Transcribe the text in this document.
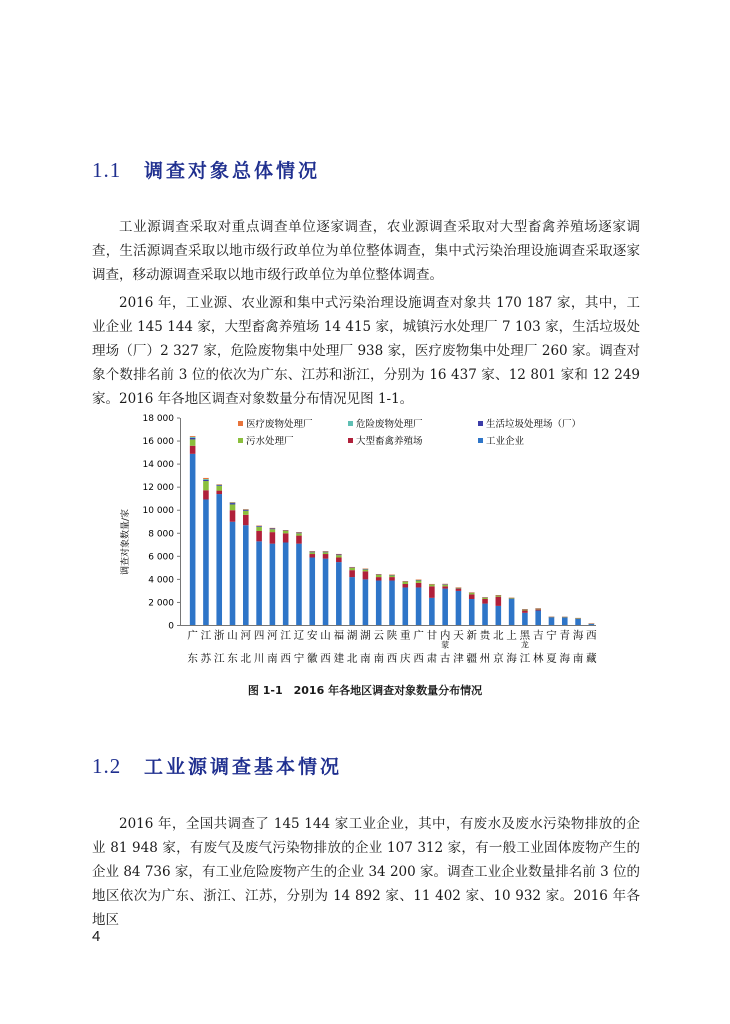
1.1	调查对象总体情况

工业源调查采取对重点调查单位逐家调查，农业源调查采取对大型畜禽养殖场逐家调查，生活源调查采取以地市级行政单位为单位整体调查，集中式污染治理设施调查采取逐家调查，移动源调查采取以地市级行政单位为单位整体调查。

2016 年，工业源、农业源和集中式污染治理设施调查对象共 170 187 家，其中，工业企业 145 144 家，大型畜禽养殖场 14 415 家，城镇污水处理厂 7 103 家，生活垃圾处理场（厂）2 327 家，危险废物集中处理厂 938 家，医疗废物集中处理厂 260 家。调查对象个数排名前 3 位的依次为广东、江苏和浙江，分别为 16 437 家、12 801 家和 12 249 家。2016 年各地区调查对象数量分布情况见图 1-1。

调查对象数量/家
0
2 000
4 000
6 000
8 000
10 000
12 000
14 000
16 000
18 000
广东
江苏
浙江
山东
河北
四川
河南
江西
辽宁
安徽
山西
福建
湖北
湖南
云南
陕西
重庆
广西
甘肃
内蒙古
天津
新疆
贵州
北京
上海
黑龙江
吉林
宁夏
青海
海南
西藏
医疗废物处理厂	危险废物处理厂	生活垃圾处理场（厂）
污水处理厂	大型畜禽养殖场	工业企业
图 1-1　2016 年各地区调查对象数量分布情况
1.2	工业源调查基本情况

2016 年，全国共调查了 145 144 家工业企业，其中，有废水及废水污染物排放的企业 81 948 家，有废气及废气污染物排放的企业 107 312 家，有一般工业固体废物产生的企业 84 736 家，有工业危险废物产生的企业 34 200 家。调查工业企业数量排名前 3 位的地区依次为广东、浙江、江苏，分别为 14 892 家、11 402 家、10 932 家。2016 年各地区

4
